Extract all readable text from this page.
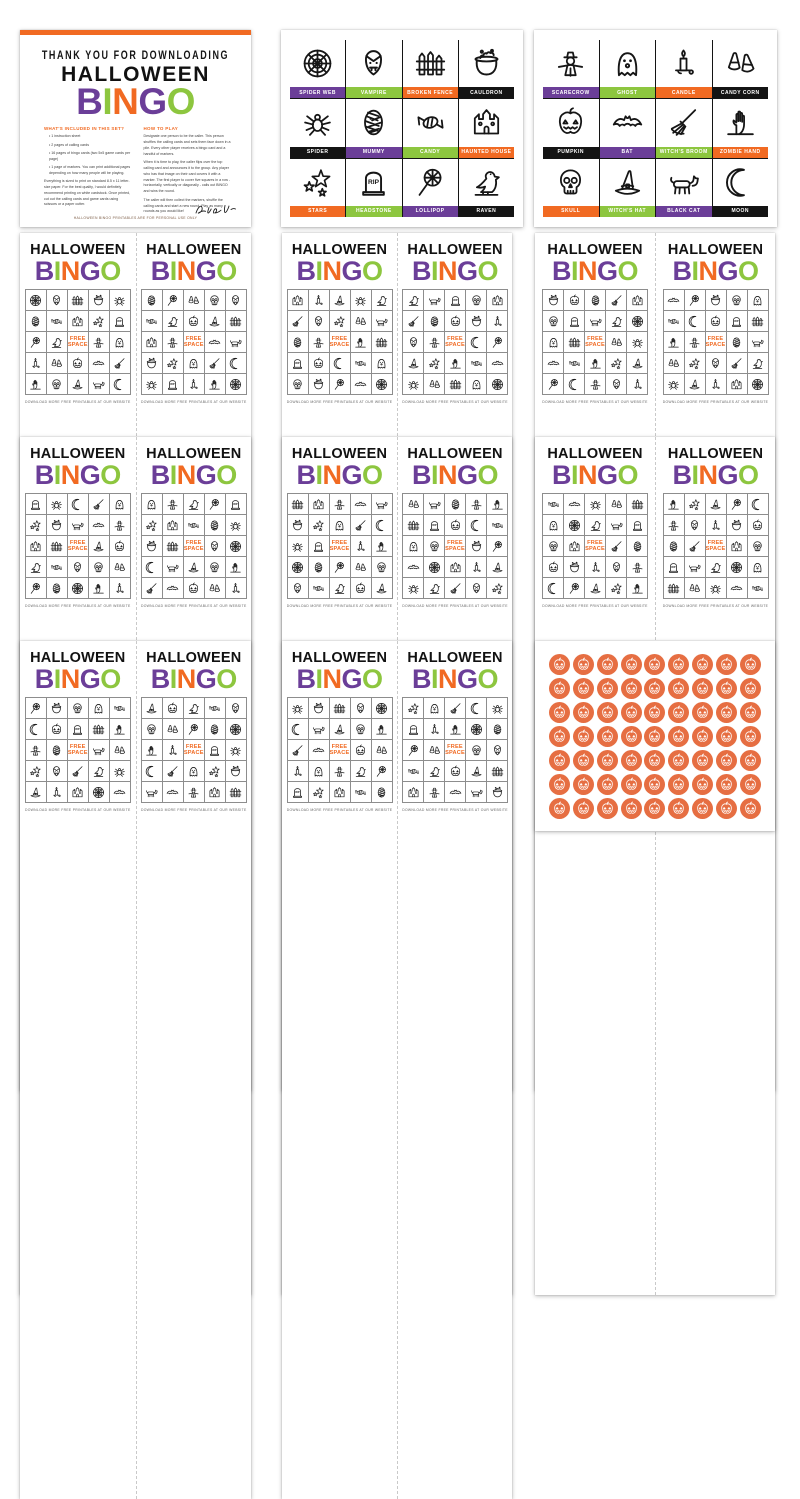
THANK YOU FOR DOWNLOADING
HALLOWEEN
BINGO
WHAT'S INCLUDED IN THIS SET?
• 1 instruction sheet
• 2 pages of calling cards
• 16 pages of bingo cards (two 5x5 game cards per page)
• 1 page of markers. You can print additional pages depending on how many people will be playing.
Everything is sized to print on standard 8.5 x 11 letter-size paper. For the best quality, I would definitely recommend printing on white cardstock. Once printed, cut out the calling cards and game cards using scissors or a paper cutter.
HOW TO PLAY
Designate one person to be the caller. This person shuffles the calling cards and sets them face down in a pile. Every other player receives a bingo card and a handful of markers.
When it is time to play, the caller flips over the top calling card and announces it to the group. Any player who has that image on their card covers it with a marker. The first player to cover five squares in a row - horizontally, vertically or diagonally - calls out BINGO and wins the round.
The caller will then collect the markers, shuffle the calling cards and start a new round. Play as many rounds as you would like!
HALLOWEEN BINGO PRINTABLES ARE FOR PERSONAL USE ONLY
SPIDER WEB	VAMPIRE	BROKEN FENCE	CAULDRON
SPIDER	MUMMY	CANDY	HAUNTED HOUSE
STARS	HEADSTONE	LOLLIPOP	RAVEN
SCARECROW	GHOST	CANDLE	CANDY CORN
PUMPKIN	BAT	WITCH'S BROOM	ZOMBIE HAND
SKULL	WITCH'S HAT	BLACK CAT	MOON
HALLOWEEN
BINGO
FREE
SPACE
DOWNLOAD MORE FREE PRINTABLES AT OUR WEBSITE
HALLOWEEN
BINGO
FREE
SPACE
DOWNLOAD MORE FREE PRINTABLES AT OUR WEBSITE
HALLOWEEN
BINGO
FREE
SPACE
DOWNLOAD MORE FREE PRINTABLES AT OUR WEBSITE
HALLOWEEN
BINGO
FREE
SPACE
DOWNLOAD MORE FREE PRINTABLES AT OUR WEBSITE
HALLOWEEN
BINGO
FREE
SPACE
DOWNLOAD MORE FREE PRINTABLES AT OUR WEBSITE
HALLOWEEN
BINGO
FREE
SPACE
DOWNLOAD MORE FREE PRINTABLES AT OUR WEBSITE
HALLOWEEN
BINGO
FREE
SPACE
DOWNLOAD MORE FREE PRINTABLES AT OUR WEBSITE
HALLOWEEN
BINGO
FREE
SPACE
DOWNLOAD MORE FREE PRINTABLES AT OUR WEBSITE
HALLOWEEN
BINGO
FREE
SPACE
DOWNLOAD MORE FREE PRINTABLES AT OUR WEBSITE
HALLOWEEN
BINGO
FREE
SPACE
DOWNLOAD MORE FREE PRINTABLES AT OUR WEBSITE
HALLOWEEN
BINGO
FREE
SPACE
DOWNLOAD MORE FREE PRINTABLES AT OUR WEBSITE
HALLOWEEN
BINGO
FREE
SPACE
DOWNLOAD MORE FREE PRINTABLES AT OUR WEBSITE
HALLOWEEN
BINGO
FREE
SPACE
DOWNLOAD MORE FREE PRINTABLES AT OUR WEBSITE
HALLOWEEN
BINGO
FREE
SPACE
DOWNLOAD MORE FREE PRINTABLES AT OUR WEBSITE
HALLOWEEN
BINGO
FREE
SPACE
DOWNLOAD MORE FREE PRINTABLES AT OUR WEBSITE
HALLOWEEN
BINGO
FREE
SPACE
DOWNLOAD MORE FREE PRINTABLES AT OUR WEBSITE
